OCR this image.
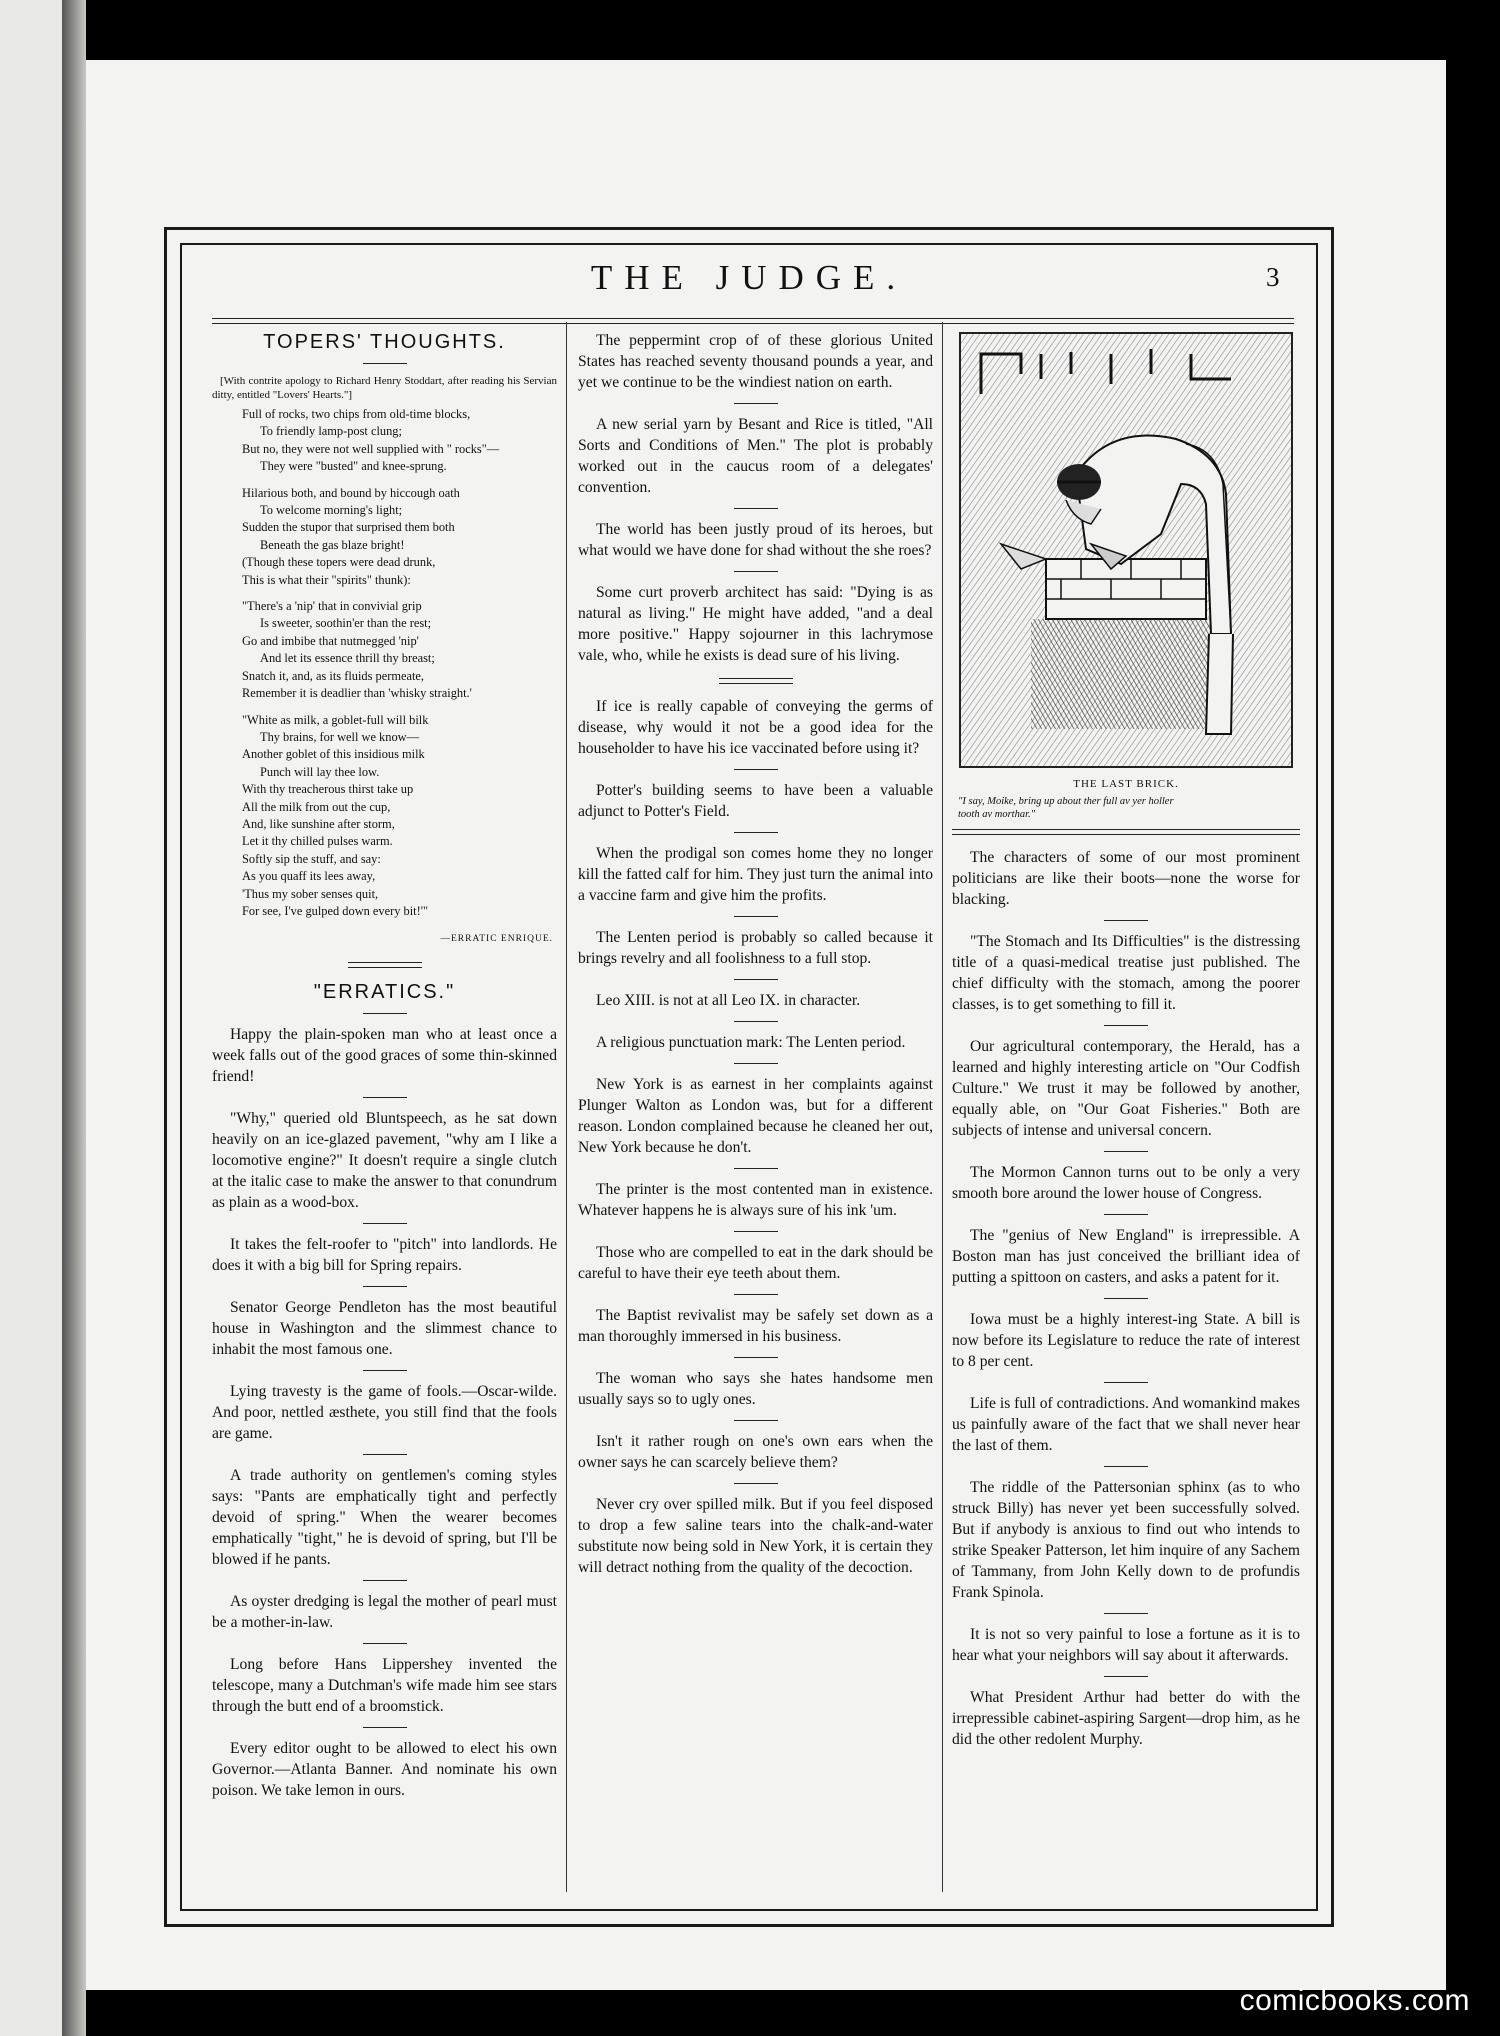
THE JUDGE.	3
TOPERS' THOUGHTS.

[With contrite apology to Richard Henry Stoddart, after reading his Servian ditty, entitled "Lovers' Hearts."]

Full of rocks, two chips from old-time blocks,
To friendly lamp-post clung;
But no, they were not well supplied with " rocks"—
They were "busted" and knee-sprung.
Hilarious both, and bound by hiccough oath
To welcome morning's light;
Sudden the stupor that surprised them both
Beneath the gas blaze bright!
(Though these topers were dead drunk,
This is what their "spirits" thunk):
"There's a 'nip' that in convivial grip
Is sweeter, soothin'er than the rest;
Go and imbibe that nutmegged 'nip'
And let its essence thrill thy breast;
Snatch it, and, as its fluids permeate,
Remember it is deadlier than 'whisky straight.'
"White as milk, a goblet-full will bilk
Thy brains, for well we know—
Another goblet of this insidious milk
Punch will lay thee low.
With thy treacherous thirst take up
All the milk from out the cup,
And, like sunshine after storm,
Let it thy chilled pulses warm.
Softly sip the stuff, and say:
As you quaff its lees away,
'Thus my sober senses quit,
For see, I've gulped down every bit!'"
—ERRATIC ENRIQUE.
"ERRATICS."

Happy the plain-spoken man who at least once a week falls out of the good graces of some thin-skinned friend!

"Why," queried old Bluntspeech, as he sat down heavily on an ice-glazed pavement, "why am I like a locomotive engine?" It doesn't require a single clutch at the italic case to make the answer to that conundrum as plain as a wood-box.

It takes the felt-roofer to "pitch" into landlords. He does it with a big bill for Spring repairs.

Senator George Pendleton has the most beautiful house in Washington and the slimmest chance to inhabit the most famous one.

Lying travesty is the game of fools.—Oscar-wilde. And poor, nettled æsthete, you still find that the fools are game.

A trade authority on gentlemen's coming styles says: "Pants are emphatically tight and perfectly devoid of spring." When the wearer becomes emphatically "tight," he is devoid of spring, but I'll be blowed if he pants.

As oyster dredging is legal the mother of pearl must be a mother-in-law.

Long before Hans Lippershey invented the telescope, many a Dutchman's wife made him see stars through the butt end of a broomstick.

Every editor ought to be allowed to elect his own Governor.—Atlanta Banner. And nominate his own poison. We take lemon in ours.

The peppermint crop of of these glorious United States has reached seventy thousand pounds a year, and yet we continue to be the windiest nation on earth.

A new serial yarn by Besant and Rice is titled, "All Sorts and Conditions of Men." The plot is probably worked out in the caucus room of a delegates' convention.

The world has been justly proud of its heroes, but what would we have done for shad without the she roes?

Some curt proverb architect has said: "Dying is as natural as living." He might have added, "and a deal more positive." Happy sojourner in this lachrymose vale, who, while he exists is dead sure of his living.

If ice is really capable of conveying the germs of disease, why would it not be a good idea for the householder to have his ice vaccinated before using it?

Potter's building seems to have been a valuable adjunct to Potter's Field.

When the prodigal son comes home they no longer kill the fatted calf for him. They just turn the animal into a vaccine farm and give him the profits.

The Lenten period is probably so called because it brings revelry and all foolishness to a full stop.

Leo XIII. is not at all Leo IX. in character.

A religious punctuation mark: The Lenten period.

New York is as earnest in her complaints against Plunger Walton as London was, but for a different reason. London complained because he cleaned her out, New York because he don't.

The printer is the most contented man in existence. Whatever happens he is always sure of his ink 'um.

Those who are compelled to eat in the dark should be careful to have their eye teeth about them.

The Baptist revivalist may be safely set down as a man thoroughly immersed in his business.

The woman who says she hates handsome men usually says so to ugly ones.

Isn't it rather rough on one's own ears when the owner says he can scarcely believe them?

Never cry over spilled milk. But if you feel disposed to drop a few saline tears into the chalk-and-water substitute now being sold in New York, it is certain they will detract nothing from the quality of the decoction.

THE LAST BRICK.
"I say, Moike, bring up about ther full av yer holler
tooth av morthar."

The characters of some of our most prominent politicians are like their boots—none the worse for blacking.

"The Stomach and Its Difficulties" is the distressing title of a quasi-medical treatise just published. The chief difficulty with the stomach, among the poorer classes, is to get something to fill it.

Our agricultural contemporary, the Herald, has a learned and highly interesting article on "Our Codfish Culture." We trust it may be followed by another, equally able, on "Our Goat Fisheries." Both are subjects of intense and universal concern.

The Mormon Cannon turns out to be only a very smooth bore around the lower house of Congress.

The "genius of New England" is irrepressible. A Boston man has just conceived the brilliant idea of putting a spittoon on casters, and asks a patent for it.

Iowa must be a highly interest-ing State. A bill is now before its Legislature to reduce the rate of interest to 8 per cent.

Life is full of contradictions. And womankind makes us painfully aware of the fact that we shall never hear the last of them.

The riddle of the Pattersonian sphinx (as to who struck Billy) has never yet been successfully solved. But if anybody is anxious to find out who intends to strike Speaker Patterson, let him inquire of any Sachem of Tammany, from John Kelly down to de profundis Frank Spinola.

It is not so very painful to lose a fortune as it is to hear what your neighbors will say about it afterwards.

What President Arthur had better do with the irrepressible cabinet-aspiring Sargent—drop him, as he did the other redolent Murphy.

comicbooks.com
